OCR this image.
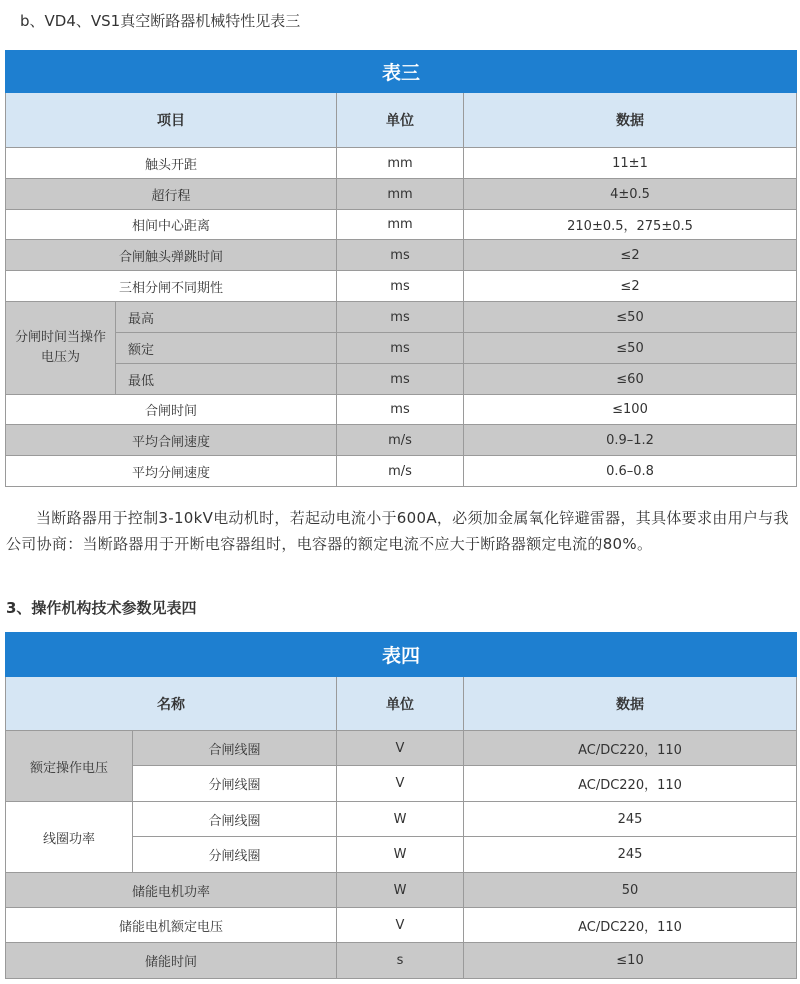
b、VD4、VS1真空断路器机械特性见表三
表三			
项目		单位	数据
触头开距		mm	11±1
超行程		mm	4±0.5
相间中心距离		mm	210±0.5，275±0.5
合闸触头弹跳时间		ms	≤2
三相分闸不同期性		ms	≤2
分闸时间当操作电压为	最高	ms	≤50
	额定	ms	≤50
	最低	ms	≤60
合闸时间		ms	≤100
平均合闸速度		m/s	0.9–1.2
平均分闸速度		m/s	0.6–0.8
当断路器用于控制3-10kV电动机时，若起动电流小于600A，必须加金属氧化锌避雷器，其具体要求由用户与我公司协商：当断路器用于开断电容器组时，电容器的额定电流不应大于断路器额定电流的80%。
3、操作机构技术参数见表四
表四			
名称		单位	数据
额定操作电压	合闸线圈	V	AC/DC220，110
	分闸线圈	V	AC/DC220，110
线圈功率	合闸线圈	W	245
	分闸线圈	W	245
储能电机功率		W	50
储能电机额定电压		V	AC/DC220，110
储能时间		s	≤10
